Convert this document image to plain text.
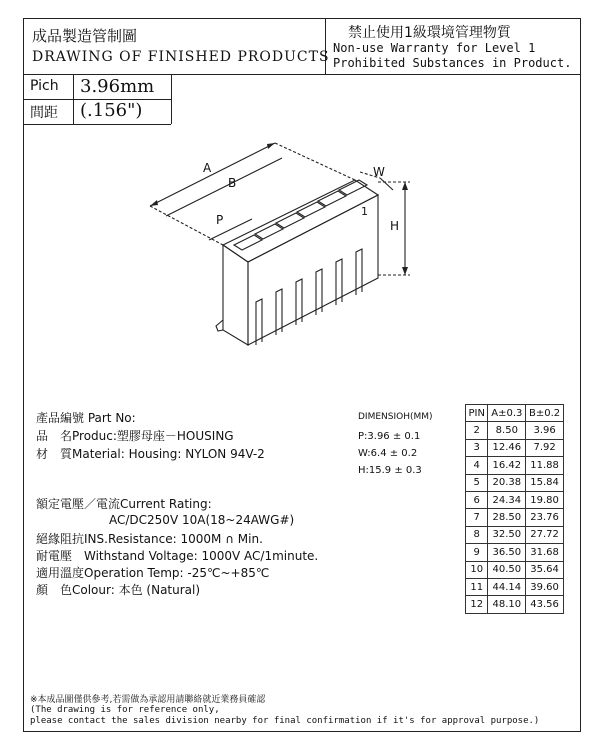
成品製造管制圖
DRAWING OF FINISHED PRODUCTS
禁止使用1級環境管理物質
Non-use Warranty for Level 1
Prohibited Substances in Product.
Pich
間距
3.96mm
(.156")
A
B
P
W
H
1
DIMENSIOH(MM)
P:3.96 ± 0.1
W:6.4 ± 0.2
H:15.9 ± 0.3
PIN	A±0.3	B±0.2
2	8.50	3.96
3	12.46	7.92
4	16.42	11.88
5	20.38	15.84
6	24.34	19.80
7	28.50	23.76
8	32.50	27.72
9	36.50	31.68
10	40.50	35.64
11	44.14	39.60
12	48.10	43.56
產品編號 Part No:
品　名Produc:塑膠母座－HOUSING
材　質Material: Housing: NYLON 94V-2
額定電壓／電流Current Rating:
AC/DC250V 10A(18~24AWG#)
絕緣阻抗INS.Resistance: 1000M ∩ Min.
耐電壓　Withstand Voltage: 1000V AC/1minute.
適用溫度Operation Temp: -25℃~+85℃
顏　色Colour: 本色 (Natural)
※本成品圖僅供參考,若需做為承認用請聯絡就近業務員確認
(The drawing is for reference only,
please contact the sales division nearby for final confirmation if it's for approval purpose.)
